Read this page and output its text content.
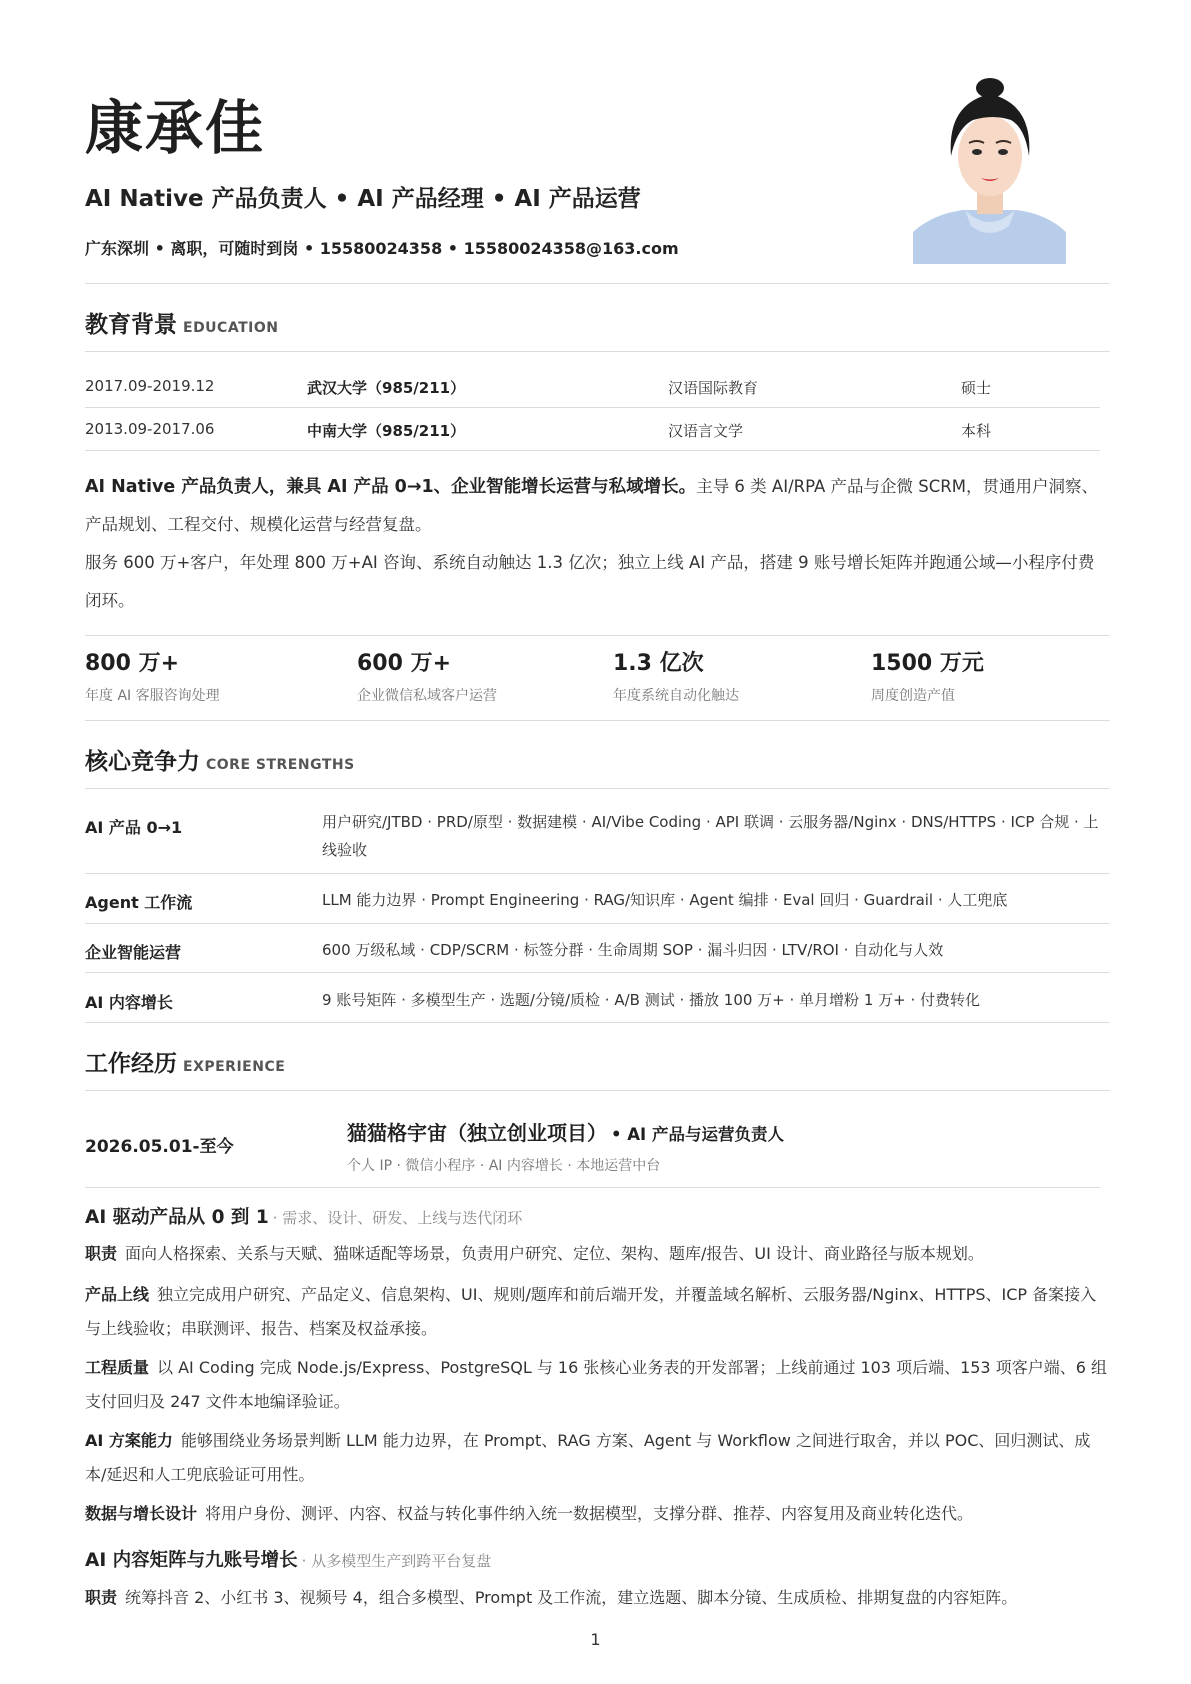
康承佳
AI Native 产品负责人 • AI 产品经理 • AI 产品运营
广东深圳 • 离职，可随时到岗 • 15580024358 • 15580024358@163.com
教育背景 EDUCATION
2017.09-2019.12	武汉大学（985/211）	汉语国际教育	硕士
2013.09-2017.06	中南大学（985/211）	汉语言文学	本科
AI Native 产品负责人，兼具 AI 产品 0→1、企业智能增长运营与私域增长。主导 6 类 AI/RPA 产品与企微 SCRM，贯通用户洞察、产品规划、工程交付、规模化运营与经营复盘。
服务 600 万+客户，年处理 800 万+AI 咨询、系统自动触达 1.3 亿次；独立上线 AI 产品，搭建 9 账号增长矩阵并跑通公域—小程序付费闭环。
800 万+
年度 AI 客服咨询处理
600 万+
企业微信私域客户运营
1.3 亿次
年度系统自动化触达
1500 万元
周度创造产值
核心竞争力 CORE STRENGTHS
AI 产品 0→1	用户研究/JTBD · PRD/原型 · 数据建模 · AI/Vibe Coding · API 联调 · 云服务器/Nginx · DNS/HTTPS · ICP 合规 · 上线验收
Agent 工作流	LLM 能力边界 · Prompt Engineering · RAG/知识库 · Agent 编排 · Eval 回归 · Guardrail · 人工兜底
企业智能运营	600 万级私域 · CDP/SCRM · 标签分群 · 生命周期 SOP · 漏斗归因 · LTV/ROI · 自动化与人效
AI 内容增长	9 账号矩阵 · 多模型生产 · 选题/分镜/质检 · A/B 测试 · 播放 100 万+ · 单月增粉 1 万+ · 付费转化
工作经历 EXPERIENCE
2026.05.01-至今
猫猫格宇宙（独立创业项目） • AI 产品与运营负责人
个人 IP · 微信小程序 · AI 内容增长 · 本地运营中台
AI 驱动产品从 0 到 1 · 需求、设计、研发、上线与迭代闭环
职责 面向人格探索、关系与天赋、猫咪适配等场景，负责用户研究、定位、架构、题库/报告、UI 设计、商业路径与版本规划。
产品上线 独立完成用户研究、产品定义、信息架构、UI、规则/题库和前后端开发，并覆盖域名解析、云服务器/Nginx、HTTPS、ICP 备案接入与上线验收；串联测评、报告、档案及权益承接。
工程质量 以 AI Coding 完成 Node.js/Express、PostgreSQL 与 16 张核心业务表的开发部署；上线前通过 103 项后端、153 项客户端、6 组支付回归及 247 文件本地编译验证。
AI 方案能力 能够围绕业务场景判断 LLM 能力边界，在 Prompt、RAG 方案、Agent 与 Workflow 之间进行取舍，并以 POC、回归测试、成本/延迟和人工兜底验证可用性。
数据与增长设计 将用户身份、测评、内容、权益与转化事件纳入统一数据模型，支撑分群、推荐、内容复用及商业转化迭代。
AI 内容矩阵与九账号增长 · 从多模型生产到跨平台复盘
职责 统筹抖音 2、小红书 3、视频号 4，组合多模型、Prompt 及工作流，建立选题、脚本分镜、生成质检、排期复盘的内容矩阵。
1
